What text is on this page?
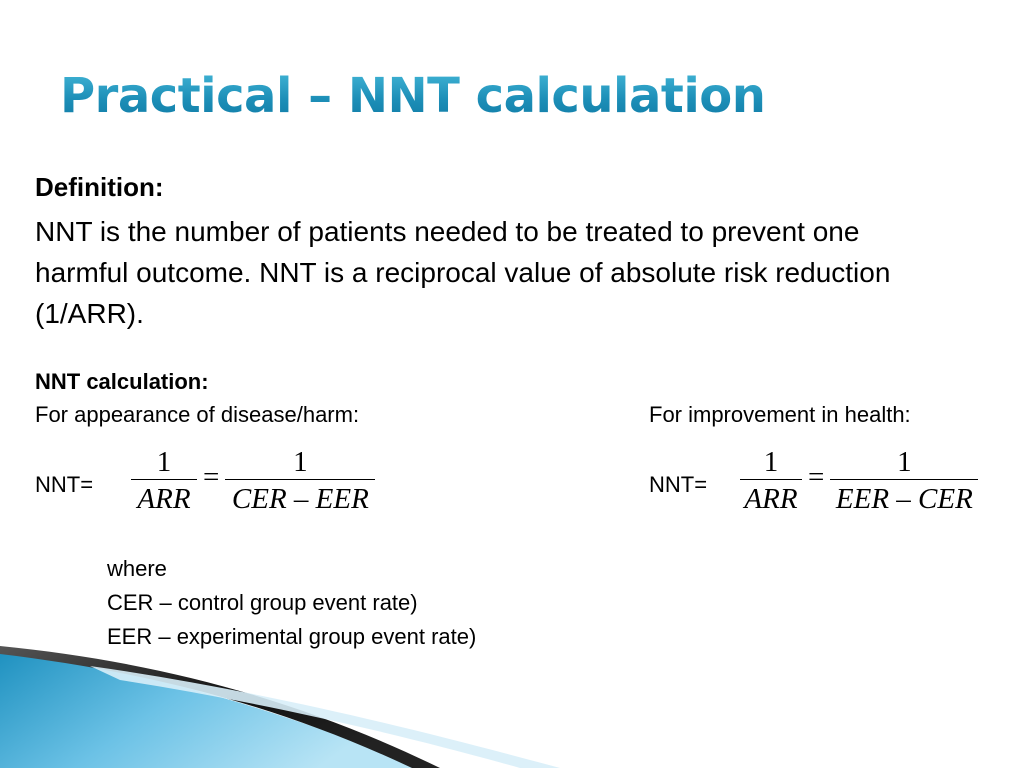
Practical – NNT calculation
Definition:
NNT is the number of patients needed to be treated to prevent one harmful outcome. NNT is a reciprocal value of absolute risk reduction (1/ARR).
NNT calculation:
For appearance of disease/harm:	For improvement in health:
$NNT= \frac{1}{\text{ARR}} = \frac{1}{\text{CER – EER}}$	$NNT= \frac{1}{\text{ARR}} = \frac{1}{\text{EER – CER}}$
where
CER – control group event rate)
EER – experimental group event rate)
